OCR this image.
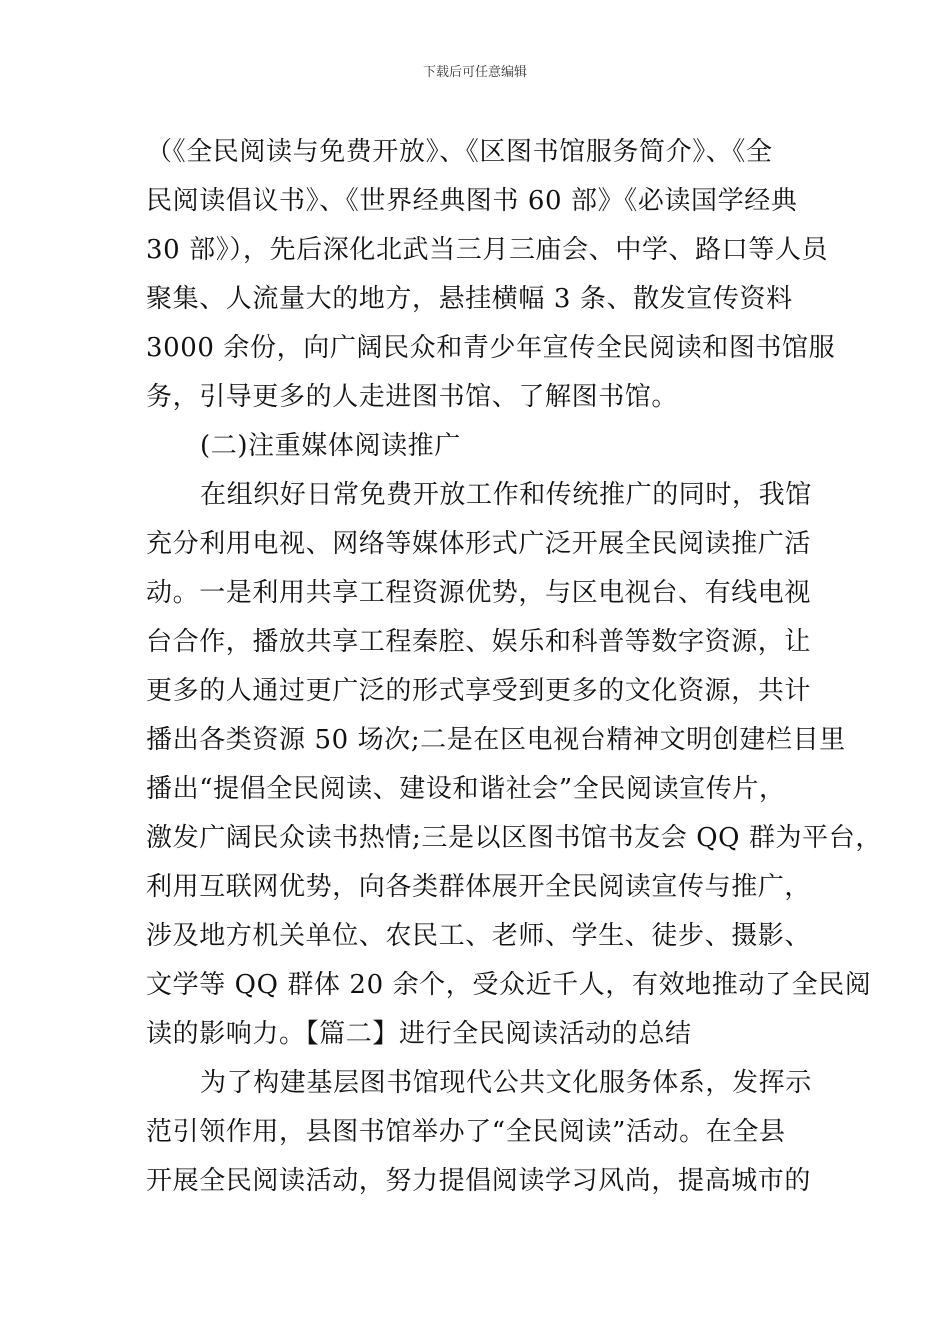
下载后可任意编辑
（《全民阅读与免费开放》、《区图书馆服务简介》、《全
民阅读倡议书》、《世界经典图书 60 部》《必读国学经典
30 部》），先后深化北武当三月三庙会、中学、路口等人员
聚集、人流量大的地方，悬挂横幅 3 条、散发宣传资料
3000 余份，向广阔民众和青少年宣传全民阅读和图书馆服
务，引导更多的人走进图书馆、了解图书馆。
(二)注重媒体阅读推广
在组织好日常免费开放工作和传统推广的同时，我馆
充分利用电视、网络等媒体形式广泛开展全民阅读推广活
动。一是利用共享工程资源优势，与区电视台、有线电视
台合作，播放共享工程秦腔、娱乐和科普等数字资源，让
更多的人通过更广泛的形式享受到更多的文化资源，共计
播出各类资源 50 场次;二是在区电视台精神文明创建栏目里
播出“提倡全民阅读、建设和谐社会”全民阅读宣传片，
激发广阔民众读书热情;三是以区图书馆书友会 QQ 群为平台，
利用互联网优势，向各类群体展开全民阅读宣传与推广，
涉及地方机关单位、农民工、老师、学生、徒步、摄影、
文学等 QQ 群体 20 余个，受众近千人，有效地推动了全民阅
读的影响力。【篇二】进行全民阅读活动的总结
为了构建基层图书馆现代公共文化服务体系，发挥示
范引领作用，县图书馆举办了“全民阅读”活动。在全县
开展全民阅读活动，努力提倡阅读学习风尚，提高城市的
